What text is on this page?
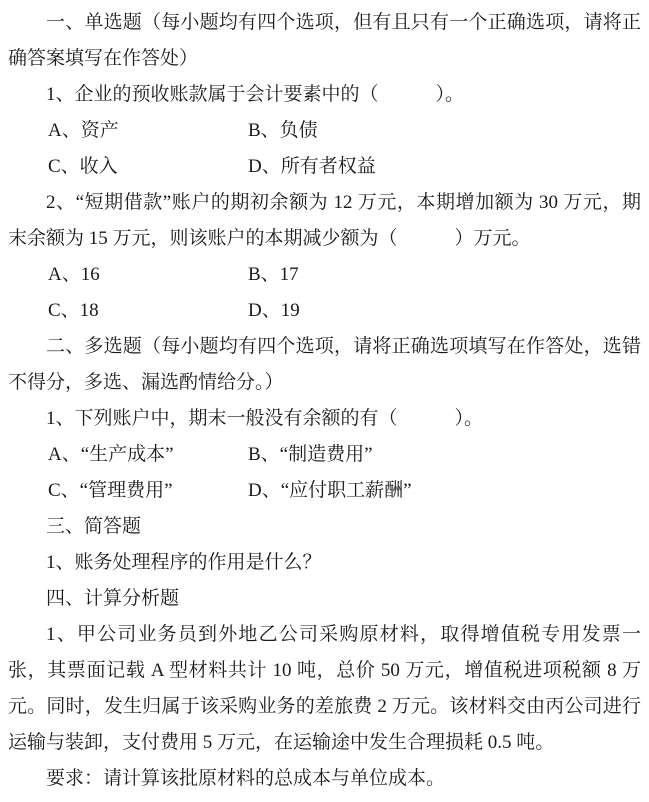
一、单选题（每小题均有四个选项，但有且只有一个正确选项，请将正确答案填写在作答处）

1、企业的预收账款属于会计要素中的（　　　）。

A、资产	B、负债
C、收入	D、所有者权益

2、“短期借款”账户的期初余额为 12 万元，本期增加额为 30 万元，期末余额为 15 万元，则该账户的本期减少额为（　　　）万元。

A、16	B、17
C、18	D、19

二、多选题（每小题均有四个选项，请将正确选项填写在作答处，选错不得分，多选、漏选酌情给分。）

1、下列账户中，期末一般没有余额的有（　　　）。

A、“生产成本”	B、“制造费用”
C、“管理费用”	D、“应付职工薪酬”

三、简答题

1、账务处理程序的作用是什么？

四、计算分析题

1、甲公司业务员到外地乙公司采购原材料，取得增值税专用发票一张，其票面记载 A 型材料共计 10 吨，总价 50 万元，增值税进项税额 8 万元。同时，发生归属于该采购业务的差旅费 2 万元。该材料交由丙公司进行运输与装卸，支付费用 5 万元，在运输途中发生合理损耗 0.5 吨。

要求：请计算该批原材料的总成本与单位成本。
